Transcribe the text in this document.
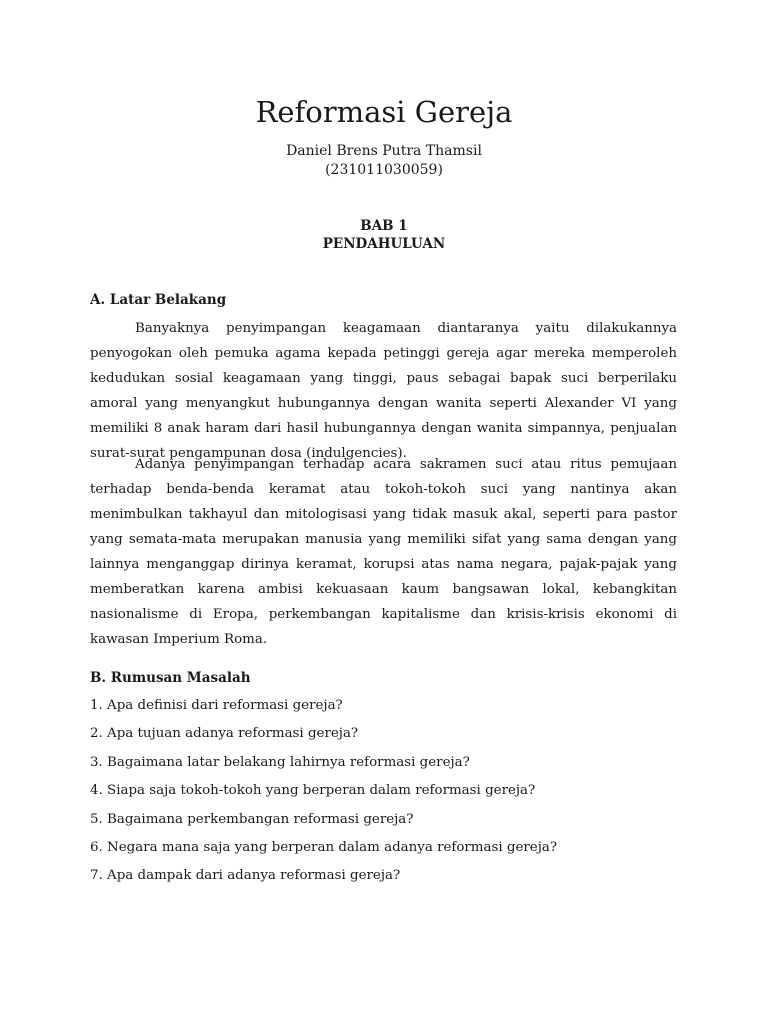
Reformasi Gereja
Daniel Brens Putra Thamsil
(231011030059)
BAB 1
PENDAHULUAN
A. Latar Belakang

Banyaknya penyimpangan keagamaan diantaranya yaitu dilakukannya penyogokan oleh pemuka agama kepada petinggi gereja agar mereka memperoleh kedudukan sosial keagamaan yang tinggi, paus sebagai bapak suci berperilaku amoral yang menyangkut hubungannya dengan wanita seperti Alexander VI yang memiliki 8 anak haram dari hasil hubungannya dengan wanita simpannya, penjualan surat-surat pengampunan dosa (indulgencies).

Adanya penyimpangan terhadap acara sakramen suci atau ritus pemujaan terhadap benda-benda keramat atau tokoh-tokoh suci yang nantinya akan menimbulkan takhayul dan mitologisasi yang tidak masuk akal, seperti para pastor yang semata-mata merupakan manusia yang memiliki sifat yang sama dengan yang lainnya menganggap dirinya keramat, korupsi atas nama negara, pajak-pajak yang memberatkan karena ambisi kekuasaan kaum bangsawan lokal, kebangkitan nasionalisme di Eropa, perkembangan kapitalisme dan krisis-krisis ekonomi di kawasan Imperium Roma.

B. Rumusan Masalah
1. Apa definisi dari reformasi gereja?
2. Apa tujuan adanya reformasi gereja?
3. Bagaimana latar belakang lahirnya reformasi gereja?
4. Siapa saja tokoh-tokoh yang berperan dalam reformasi gereja?
5. Bagaimana perkembangan reformasi gereja?
6. Negara mana saja yang berperan dalam adanya reformasi gereja?
7. Apa dampak dari adanya reformasi gereja?
